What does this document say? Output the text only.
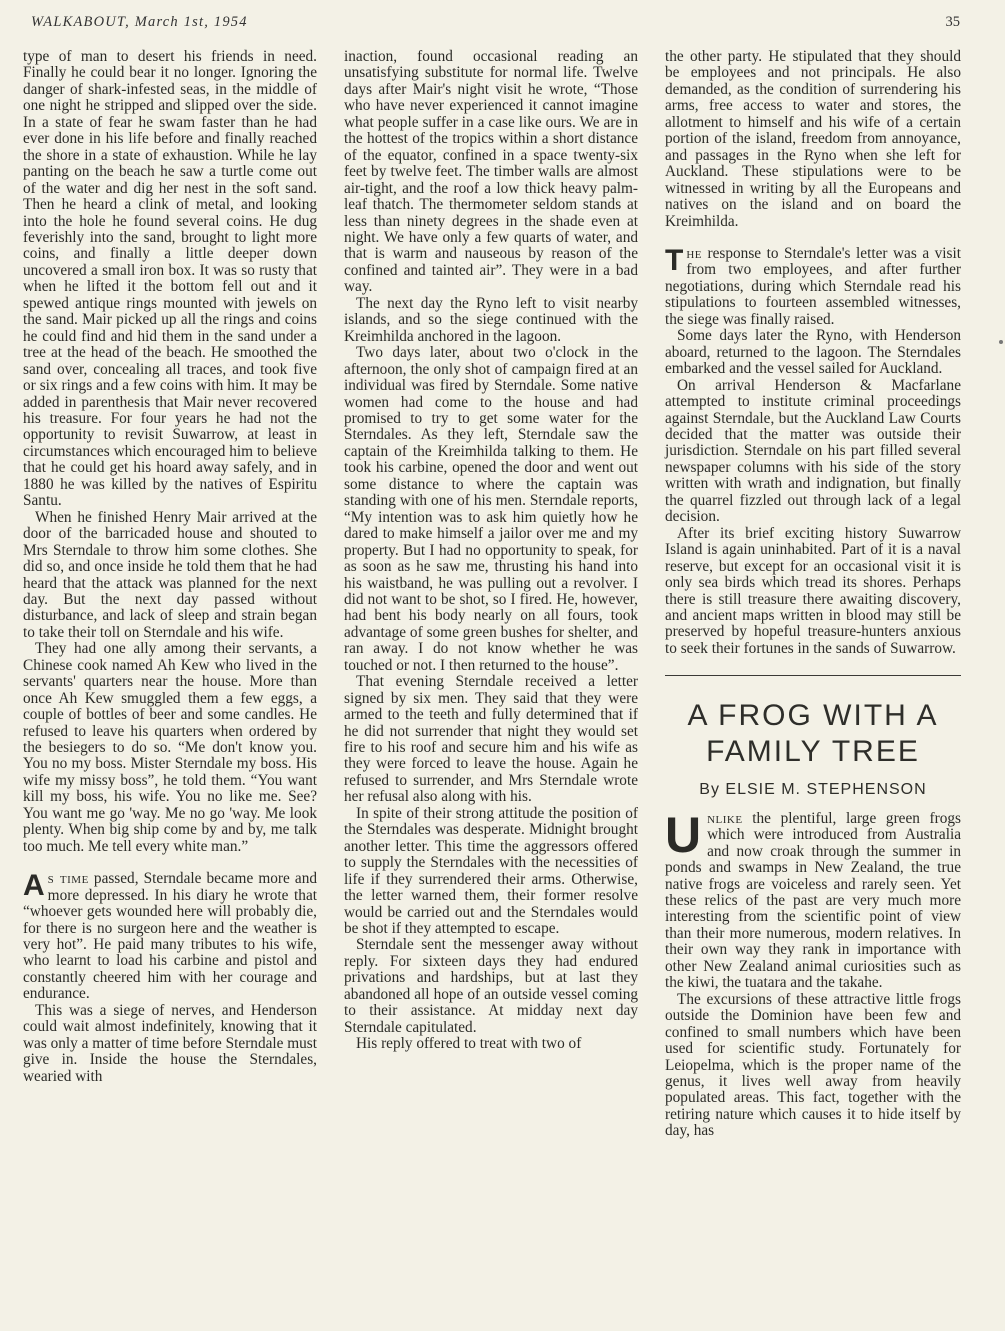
WALKABOUT, March 1st, 1954	35

type of man to desert his friends in need. Finally he could bear it no longer. Ignoring the danger of shark-infested seas, in the middle of one night he stripped and slipped over the side. In a state of fear he swam faster than he had ever done in his life before and finally reached the shore in a state of exhaustion. While he lay panting on the beach he saw a turtle come out of the water and dig her nest in the soft sand. Then he heard a clink of metal, and looking into the hole he found several coins. He dug feverishly into the sand, brought to light more coins, and finally a little deeper down uncovered a small iron box. It was so rusty that when he lifted it the bottom fell out and it spewed antique rings mounted with jewels on the sand. Mair picked up all the rings and coins he could find and hid them in the sand under a tree at the head of the beach. He smoothed the sand over, concealing all traces, and took five or six rings and a few coins with him. It may be added in parenthesis that Mair never recovered his treasure. For four years he had not the opportunity to revisit Suwarrow, at least in circumstances which encouraged him to believe that he could get his hoard away safely, and in 1880 he was killed by the natives of Espiritu Santu.

When he finished Henry Mair arrived at the door of the barricaded house and shouted to Mrs Sterndale to throw him some clothes. She did so, and once inside he told them that he had heard that the attack was planned for the next day. But the next day passed without disturbance, and lack of sleep and strain began to take their toll on Sterndale and his wife.

They had one ally among their servants, a Chinese cook named Ah Kew who lived in the servants' quarters near the house. More than once Ah Kew smuggled them a few eggs, a couple of bottles of beer and some candles. He refused to leave his quarters when ordered by the besiegers to do so. “Me don't know you. You no my boss. Mister Sterndale my boss. His wife my missy boss”, he told them. “You want kill my boss, his wife. You no like me. See? You want me go 'way. Me no go 'way. Me look plenty. When big ship come by and by, me talk too much. Me tell every white man.”

As time passed, Sterndale became more and more depressed. In his diary he wrote that “whoever gets wounded here will probably die, for there is no surgeon here and the weather is very hot”. He paid many tributes to his wife, who learnt to load his carbine and pistol and constantly cheered him with her courage and endurance.

This was a siege of nerves, and Henderson could wait almost indefinitely, knowing that it was only a matter of time before Sterndale must give in. Inside the house the Sterndales, wearied with

inaction, found occasional reading an unsatisfying substitute for normal life. Twelve days after Mair's night visit he wrote, “Those who have never experienced it cannot imagine what people suffer in a case like ours. We are in the hottest of the tropics within a short distance of the equator, confined in a space twenty-six feet by twelve feet. The timber walls are almost air-tight, and the roof a low thick heavy palm-leaf thatch. The thermometer seldom stands at less than ninety degrees in the shade even at night. We have only a few quarts of water, and that is warm and nauseous by reason of the confined and tainted air”. They were in a bad way.

The next day the Ryno left to visit nearby islands, and so the siege continued with the Kreimhilda anchored in the lagoon.

Two days later, about two o'clock in the afternoon, the only shot of campaign fired at an individual was fired by Sterndale. Some native women had come to the house and had promised to try to get some water for the Sterndales. As they left, Sterndale saw the captain of the Kreimhilda talking to them. He took his carbine, opened the door and went out some distance to where the captain was standing with one of his men. Sterndale reports, “My intention was to ask him quietly how he dared to make himself a jailor over me and my property. But I had no opportunity to speak, for as soon as he saw me, thrusting his hand into his waistband, he was pulling out a revolver. I did not want to be shot, so I fired. He, however, had bent his body nearly on all fours, took advantage of some green bushes for shelter, and ran away. I do not know whether he was touched or not. I then returned to the house”.

That evening Sterndale received a letter signed by six men. They said that they were armed to the teeth and fully determined that if he did not surrender that night they would set fire to his roof and secure him and his wife as they were forced to leave the house. Again he refused to surrender, and Mrs Sterndale wrote her refusal also along with his.

In spite of their strong attitude the position of the Sterndales was desperate. Midnight brought another letter. This time the aggressors offered to supply the Sterndales with the necessities of life if they surrendered their arms. Otherwise, the letter warned them, their former resolve would be carried out and the Sterndales would be shot if they attempted to escape.

Sterndale sent the messenger away without reply. For sixteen days they had endured privations and hardships, but at last they abandoned all hope of an outside vessel coming to their assistance. At midday next day Sterndale capitulated.

His reply offered to treat with two of

the other party. He stipulated that they should be employees and not principals. He also demanded, as the condition of surrendering his arms, free access to water and stores, the allotment to himself and his wife of a certain portion of the island, freedom from annoyance, and passages in the Ryno when she left for Auckland. These stipulations were to be witnessed in writing by all the Europeans and natives on the island and on board the Kreimhilda.

The response to Sterndale's letter was a visit from two employees, and after further negotiations, during which Sterndale read his stipulations to fourteen assembled witnesses, the siege was finally raised.

Some days later the Ryno, with Henderson aboard, returned to the lagoon. The Sterndales embarked and the vessel sailed for Auckland.

On arrival Henderson & Macfarlane attempted to institute criminal proceedings against Sterndale, but the Auckland Law Courts decided that the matter was outside their jurisdiction. Sterndale on his part filled several newspaper columns with his side of the story written with wrath and indignation, but finally the quarrel fizzled out through lack of a legal decision.

After its brief exciting history Suwarrow Island is again uninhabited. Part of it is a naval reserve, but except for an occasional visit it is only sea birds which tread its shores. Perhaps there is still treasure there awaiting discovery, and ancient maps written in blood may still be preserved by hopeful treasure-hunters anxious to seek their fortunes in the sands of Suwarrow.

A FROG WITH A FAMILY TREE
By ELSIE M. STEPHENSON

Unlike the plentiful, large green frogs which were introduced from Australia and now croak through the summer in ponds and swamps in New Zealand, the true native frogs are voiceless and rarely seen. Yet these relics of the past are very much more interesting from the scientific point of view than their more numerous, modern relatives. In their own way they rank in importance with other New Zealand animal curiosities such as the kiwi, the tuatara and the takahe.

The excursions of these attractive little frogs outside the Dominion have been few and confined to small numbers which have been used for scientific study. Fortunately for Leiopelma, which is the proper name of the genus, it lives well away from heavily populated areas. This fact, together with the retiring nature which causes it to hide itself by day, has
